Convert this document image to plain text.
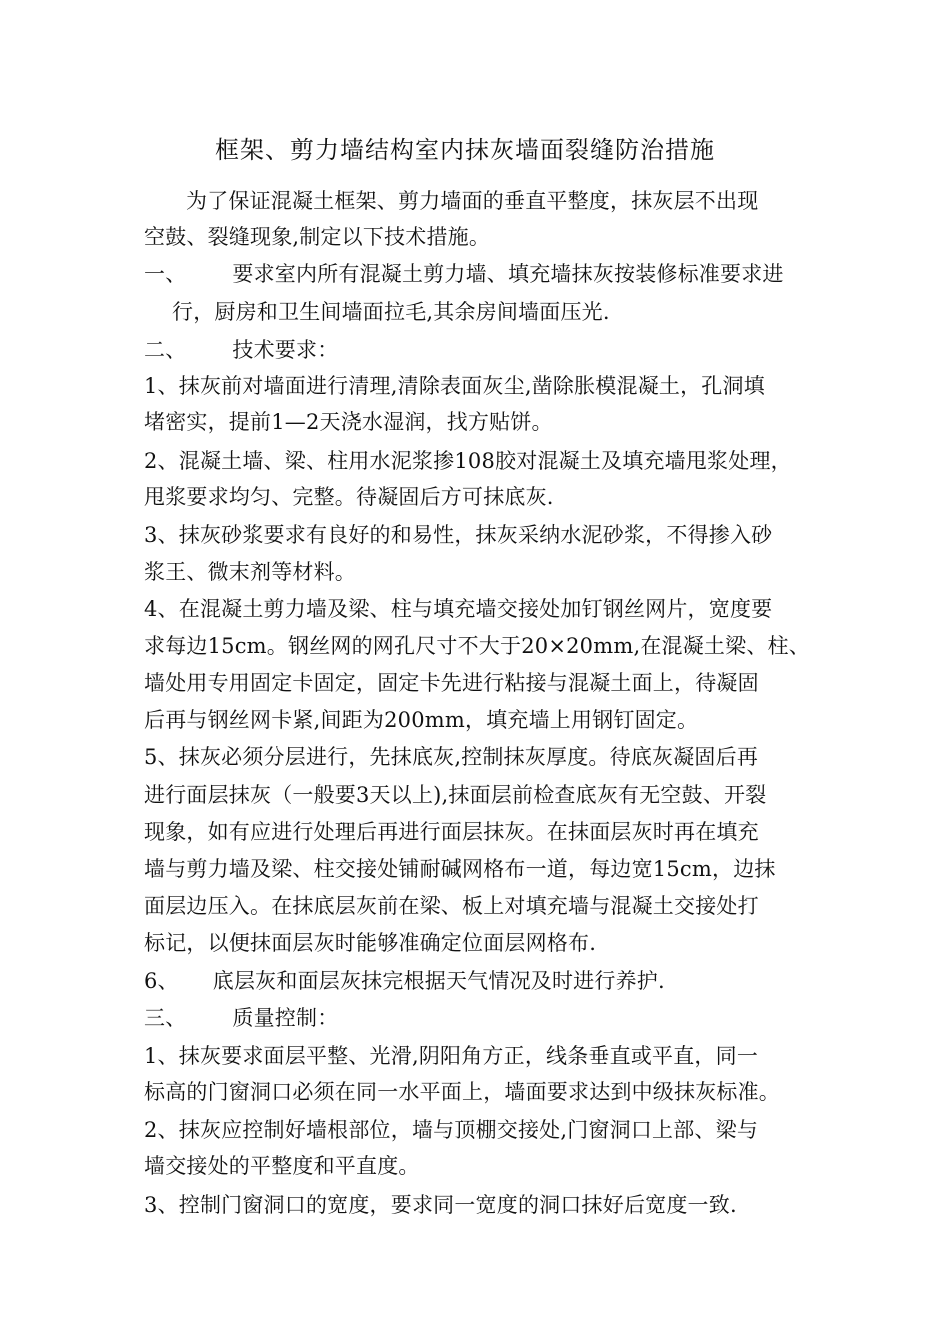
框架、剪力墙结构室内抹灰墙面裂缝防治措施
为了保证混凝土框架、剪力墙面的垂直平整度，抹灰层不出现
空鼓、裂缝现象,制定以下技术措施。
一、 要求室内所有混凝土剪力墙、填充墙抹灰按装修标准要求进
行，厨房和卫生间墙面拉毛,其余房间墙面压光.
二、 技术要求：
1、抹灰前对墙面进行清理,清除表面灰尘,凿除胀模混凝土，孔洞填
堵密实，提前1—2天浇水湿润，找方贴饼。
2、混凝土墙、梁、柱用水泥浆掺108胶对混凝土及填充墙甩浆处理，
甩浆要求均匀、完整。待凝固后方可抹底灰.
3、抹灰砂浆要求有良好的和易性，抹灰采纳水泥砂浆，不得掺入砂
浆王、微末剂等材料。
4、在混凝土剪力墙及梁、柱与填充墙交接处加钉钢丝网片，宽度要
求每边15cm。钢丝网的网孔尺寸不大于20×20mm,在混凝土梁、柱、
墙处用专用固定卡固定，固定卡先进行粘接与混凝土面上，待凝固
后再与钢丝网卡紧,间距为200mm，填充墙上用钢钉固定。
5、抹灰必须分层进行，先抹底灰,控制抹灰厚度。待底灰凝固后再
进行面层抹灰（一般要3天以上),抹面层前检查底灰有无空鼓、开裂
现象，如有应进行处理后再进行面层抹灰。在抹面层灰时再在填充
墙与剪力墙及梁、柱交接处铺耐碱网格布一道，每边宽15cm，边抹
面层边压入。在抹底层灰前在梁、板上对填充墙与混凝土交接处打
标记，以便抹面层灰时能够准确定位面层网格布.
6、 底层灰和面层灰抹完根据天气情况及时进行养护.
三、 质量控制：
1、抹灰要求面层平整、光滑,阴阳角方正，线条垂直或平直，同一
标高的门窗洞口必须在同一水平面上，墙面要求达到中级抹灰标准。
2、抹灰应控制好墙根部位，墙与顶棚交接处,门窗洞口上部、梁与
墙交接处的平整度和平直度。
3、控制门窗洞口的宽度，要求同一宽度的洞口抹好后宽度一致.
